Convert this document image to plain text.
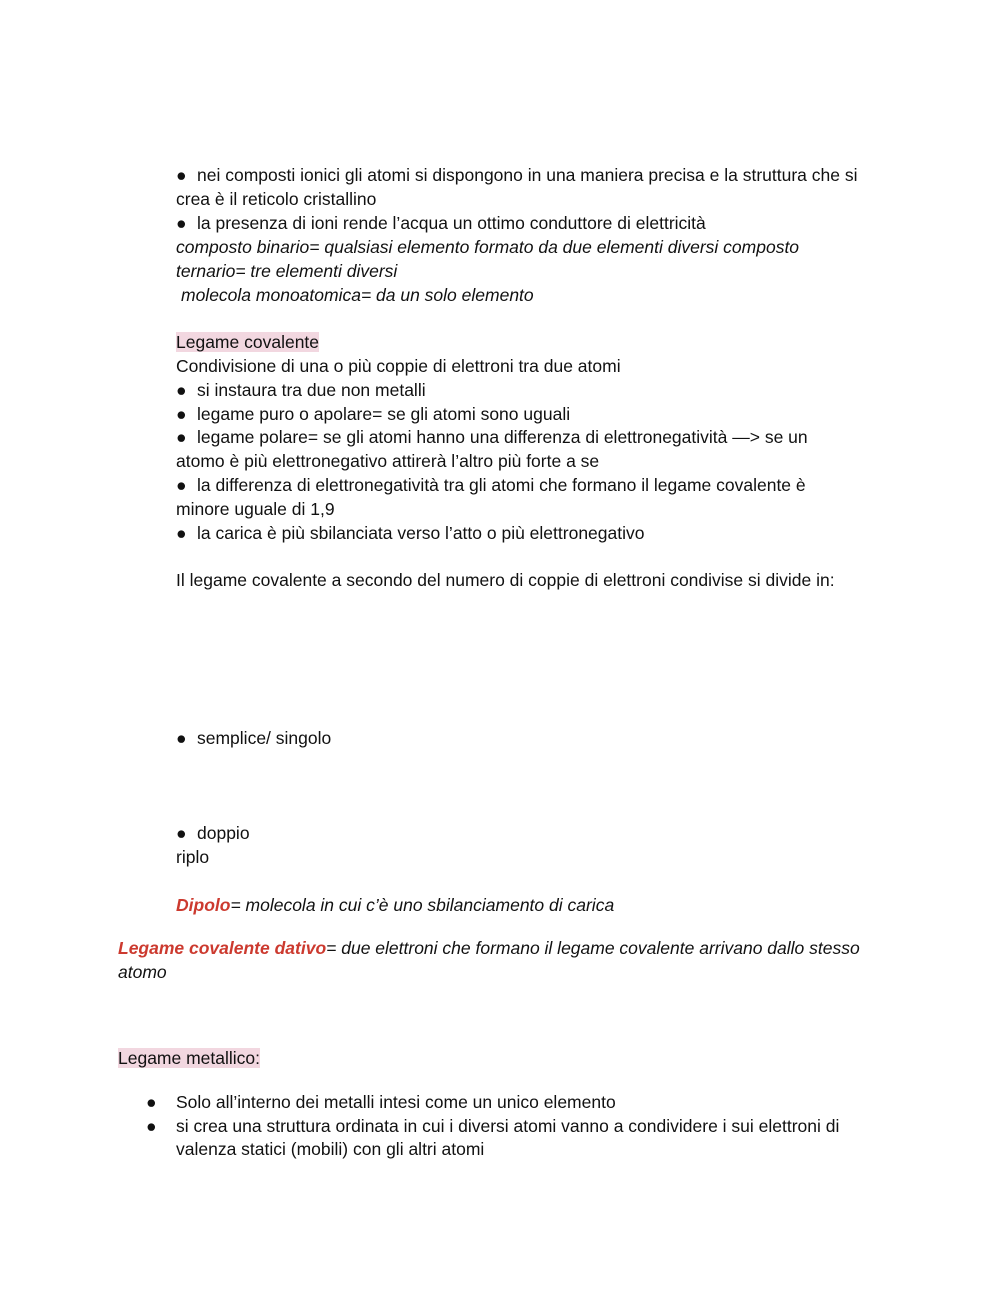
● nei composti ionici gli atomi si dispongono in una maniera precisa e la struttura che si
crea è il reticolo cristallino
● la presenza di ioni rende l’acqua un ottimo conduttore di elettricità
composto binario= qualsiasi elemento formato da due elementi diversi composto
ternario= tre elementi diversi
molecola monoatomica= da un solo elemento
Legame covalente
Condivisione di una o più coppie di elettroni tra due atomi
● si instaura tra due non metalli
● legame puro o apolare= se gli atomi sono uguali
● legame polare= se gli atomi hanno una differenza di elettronegatività —> se un
atomo è più elettronegativo attirerà l’altro più forte a se
● la differenza di elettronegatività tra gli atomi che formano il legame covalente è
minore uguale di 1,9
● la carica è più sbilanciata verso l’atto o più elettronegativo
Il legame covalente a secondo del numero di coppie di elettroni condivise si divide in:
● semplice/ singolo
● doppio
riplo
Dipolo= molecola in cui c’è uno sbilanciamento di carica
Legame covalente dativo= due elettroni che formano il legame covalente arrivano dallo stesso
atomo
Legame metallico:
● Solo all’interno dei metalli intesi come un unico elemento
● si crea una struttura ordinata in cui i diversi atomi vanno a condividere i sui elettroni di
valenza statici (mobili) con gli altri atomi
